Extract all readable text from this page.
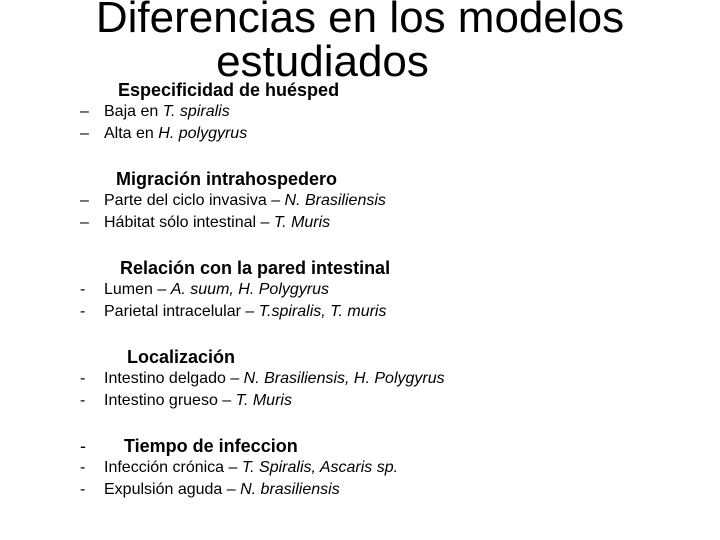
Diferencias en los modelos
estudiados
Especificidad de huésped
– Baja en T. spiralis
– Alta en H. polygyrus
Migración intrahospedero
– Parte del ciclo invasiva – N. Brasiliensis
– Hábitat sólo intestinal – T. Muris
Relación con la pared intestinal
- Lumen – A. suum, H. Polygyrus
- Parietal intracelular – T.spiralis, T. muris
Localización
- Intestino delgado – N. Brasiliensis, H. Polygyrus
- Intestino grueso – T. Muris
- Tiempo de infeccion
- Infección crónica – T. Spiralis, Ascaris sp.
- Expulsión aguda – N. brasiliensis
